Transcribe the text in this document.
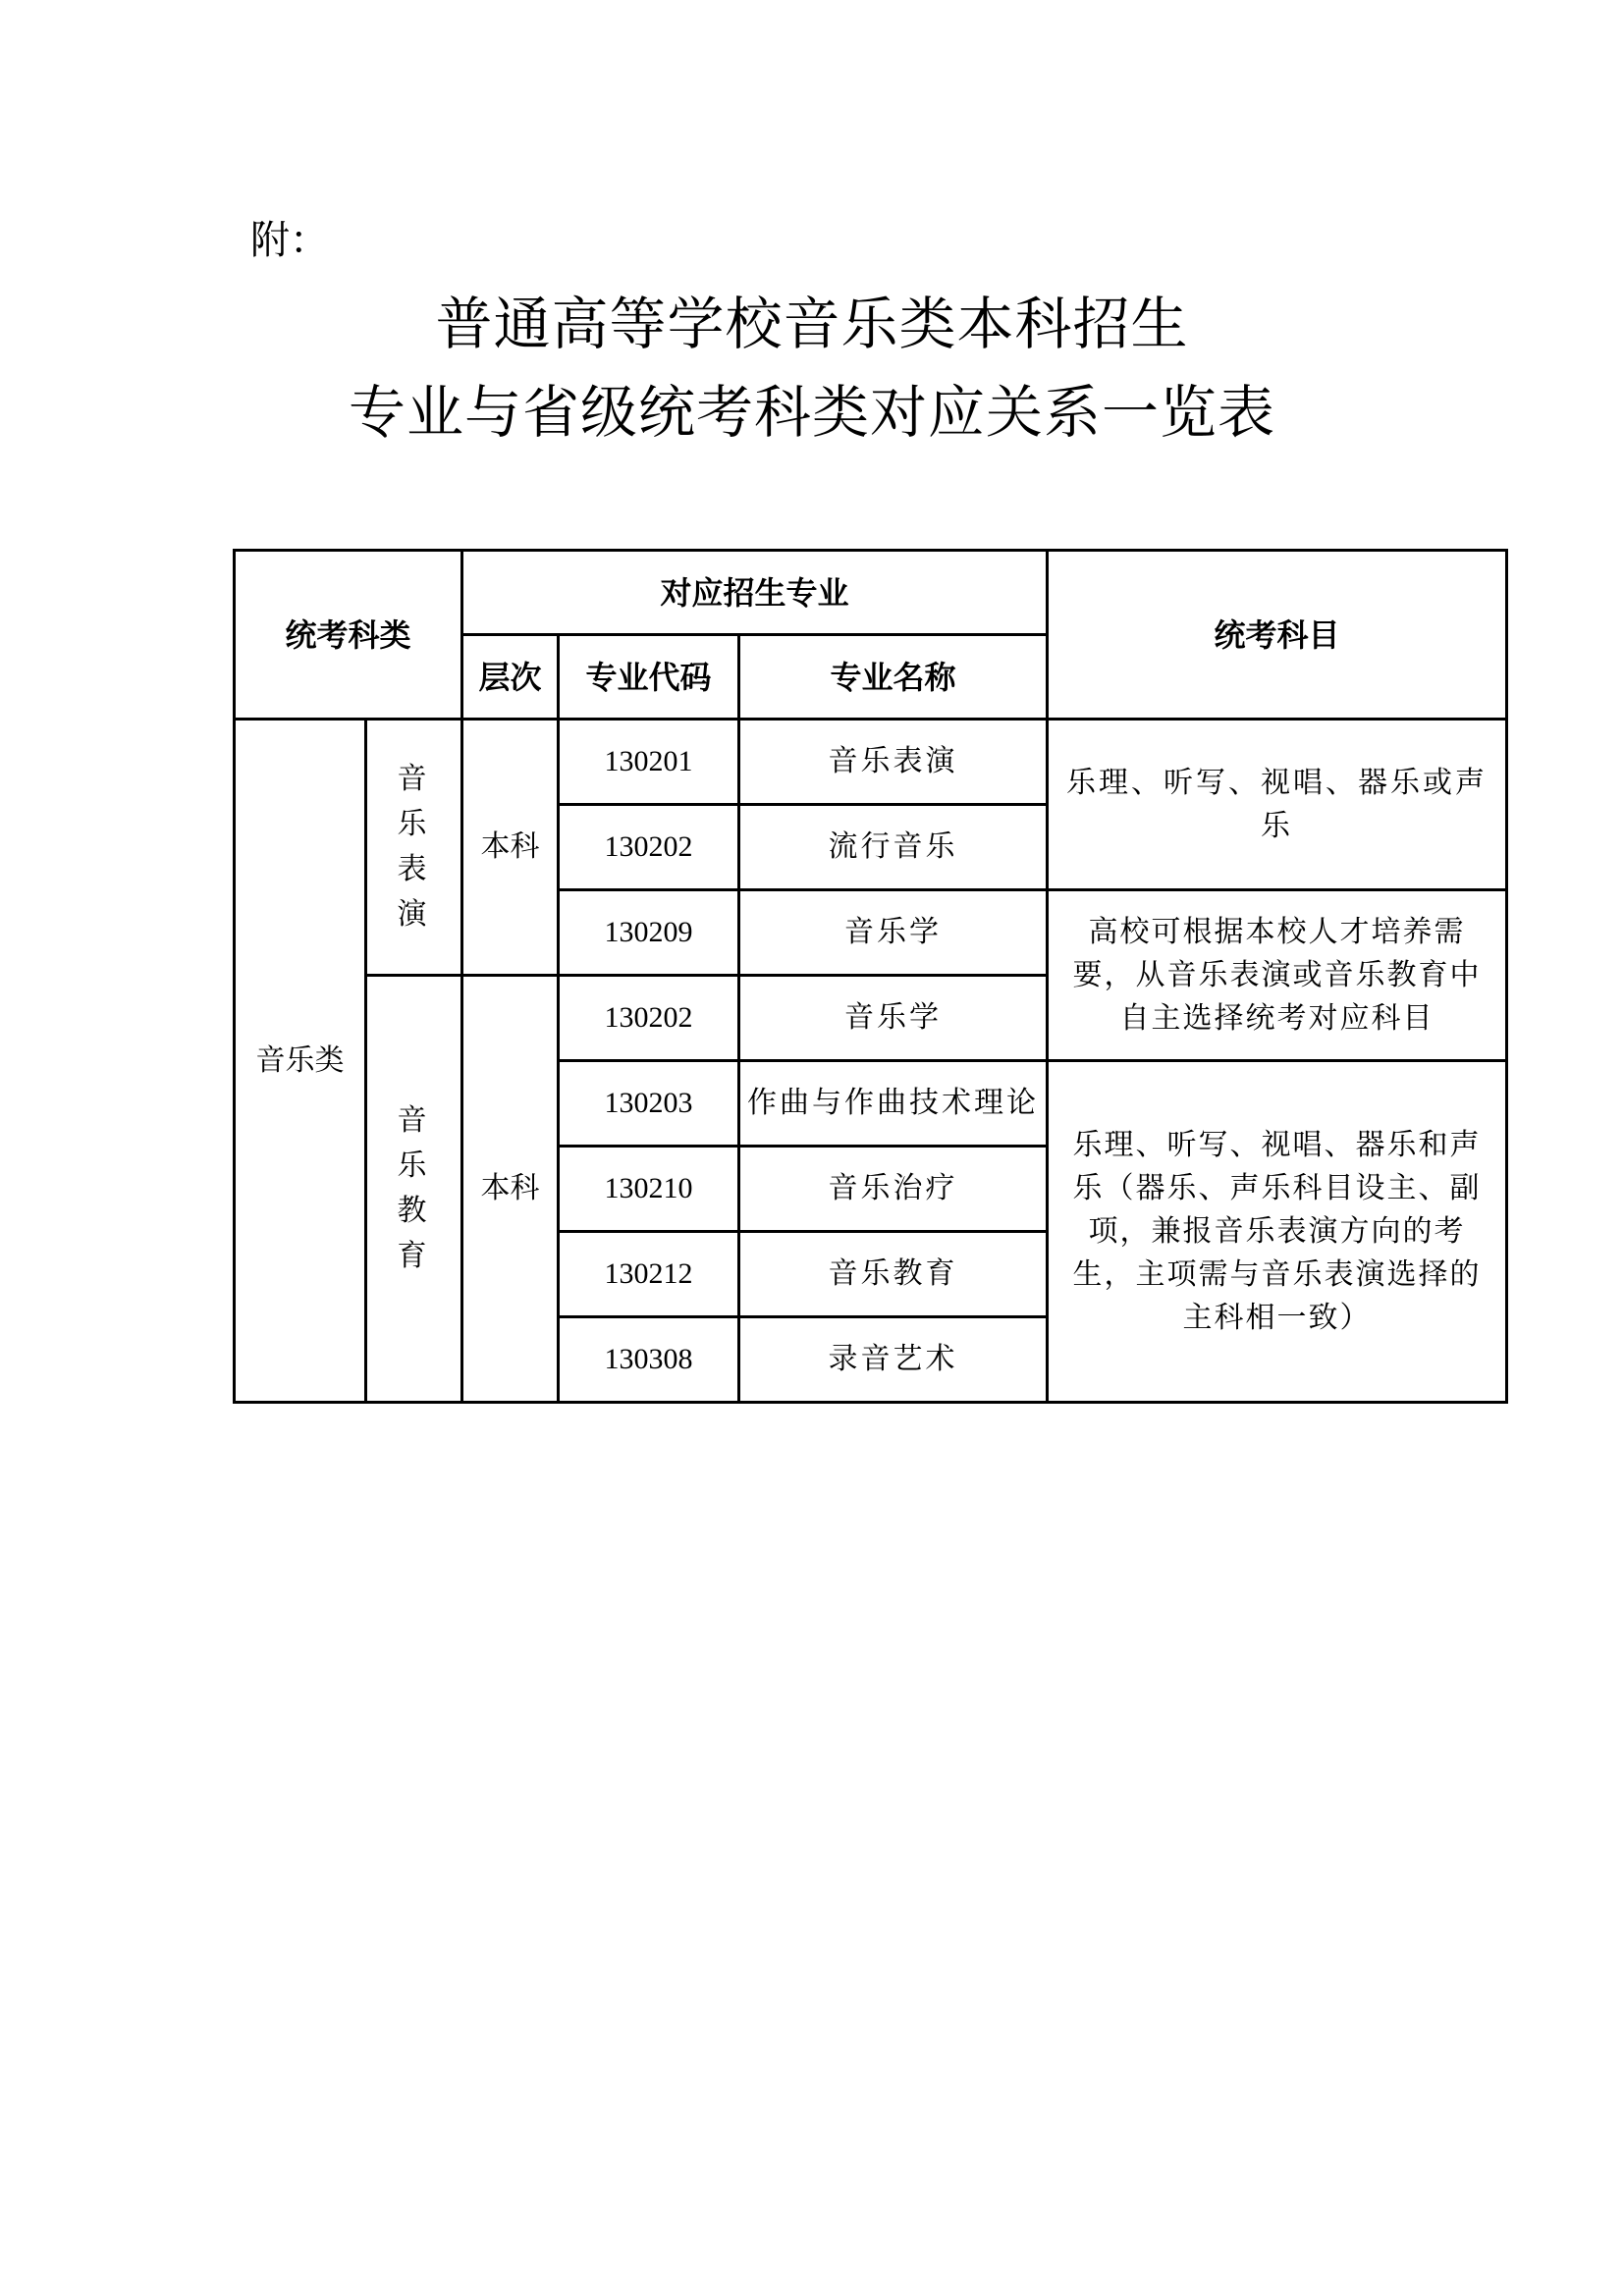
附：
普通高等学校音乐类本科招生
专业与省级统考科类对应关系一览表
统考科类		对应招生专业			统考科目
		层次	专业代码	专业名称	
音乐类	音乐表演	本科	130201	音乐表演	乐理、听写、视唱、器乐或声乐
			130202	流行音乐	
			130209	音乐学	高校可根据本校人才培养需要，从音乐表演或音乐教育中自主选择统考对应科目
	音乐教育	本科	130202	音乐学	
			130203	作曲与作曲技术理论	乐理、听写、视唱、器乐和声乐（器乐、声乐科目设主、副项，兼报音乐表演方向的考生，主项需与音乐表演选择的主科相一致）
			130210	音乐治疗	
			130212	音乐教育	
			130308	录音艺术	
